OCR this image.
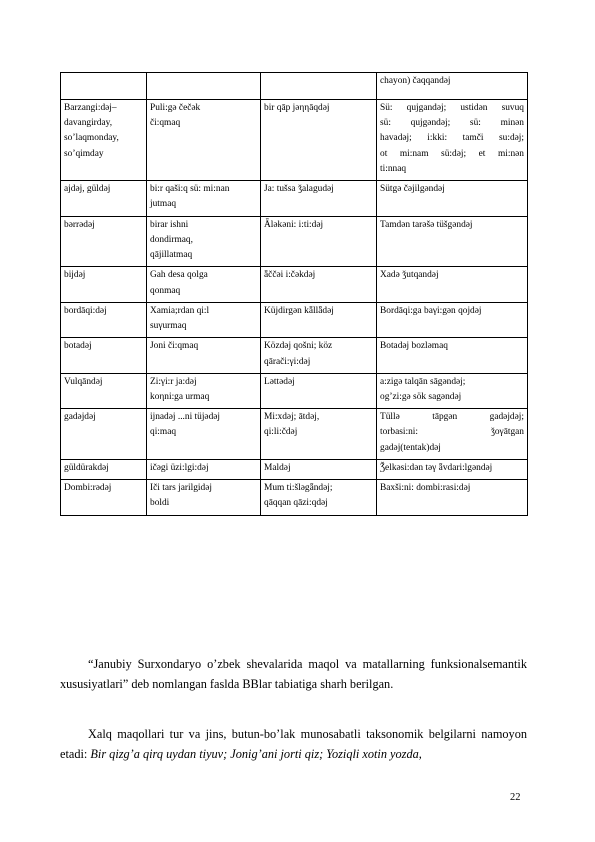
			chayon) čaqqandǝj

Barzangi:dǝj–
davangirday,
so’laqmonday,
so’qimday	Puli:gǝ čečǝk
či:qmaq	bir qāp jǝηηāqdǝj	Sü: qujgandǝj; ustidǝn suvuq
sü: qujgǝndǝj; sü: minǝn
havadǝj; i:kki: tamči su:dǝj;
ot mi:nam sü:dǝj; et mi:nǝn
ti:nnaq

ajdǝj, güldǝj	bi:r qaši:q sü: mi:nan
jutmaq	Ja: tušsa ǯalagudǝj	Sütgǝ čǝjilgǝndǝj

bǝrrǝdǝj	birar ishni
dondirmaq,
qājillatmaq	Ǟlǝkǝni: i:ti:dǝj	Tamdǝn tarǝšǝ tüšgǝndǝj

bijdǝj	Gah desa qolga
qonmaq	ǟččǝi i:čǝkdǝj	Xadǝ ǯutqandǝj

bordāqi:dǝj	Xamia;rdan qi:l
suγurmaq	Küjdirgǝn kǟllǟdǝj	Bordāqi:ga baγi:gǝn qojdǝj

botadǝj	Joni či:qmaq	Közdǝj qošni; köz
qārači:γi:dǝj	Botadǝj bozlǝmaq

Vulqāndǝj	Zi:γi:r ja:dǝj
koηni:ga urmaq	Lǝttǝdǝj	a:zigǝ talqān sāgǝndǝj;
og’zi:gǝ sök sagǝndǝj

gadǝjdǝj	ijnadǝj ...ni tüjǝdǝj
qi:maq	Mi:xdǝj; ātdǝj,
qi:li:čdǝj	Tüllǝ tāpgǝn gadǝjdǝj;
torbasi:ni: ǯoγātgan
gadǝj(tentak)dǝj

güldürakdǝj	ičǝgi üzi:lgi:dǝj	Maldǝj	Ǯelkǝsi:dǝn tǝγ ǟvdari:lgǝndǝj

Dombi:rǝdǝj	Iči tars jarilgidǝj
boldi	Mum ti:šlǝgǟndǝj;
qāqqan qāzi:qdǝj	Baxši:ni: dombi:rasi:dǝj

“Janubiy Surxondaryo o’zbek shevalarida maqol va matallarning funksionalsemantik xususiyatlari” deb nomlangan faslda BBlar tabiatiga sharh berilgan.

Xalq maqollari tur va jins, butun-bo’lak munosabatli taksonomik belgilarni namoyon etadi: Bir qizg’a qirq uydan tiyuv; Jonig’ani jorti qiz; Yoziqli xotin yozda,

22
